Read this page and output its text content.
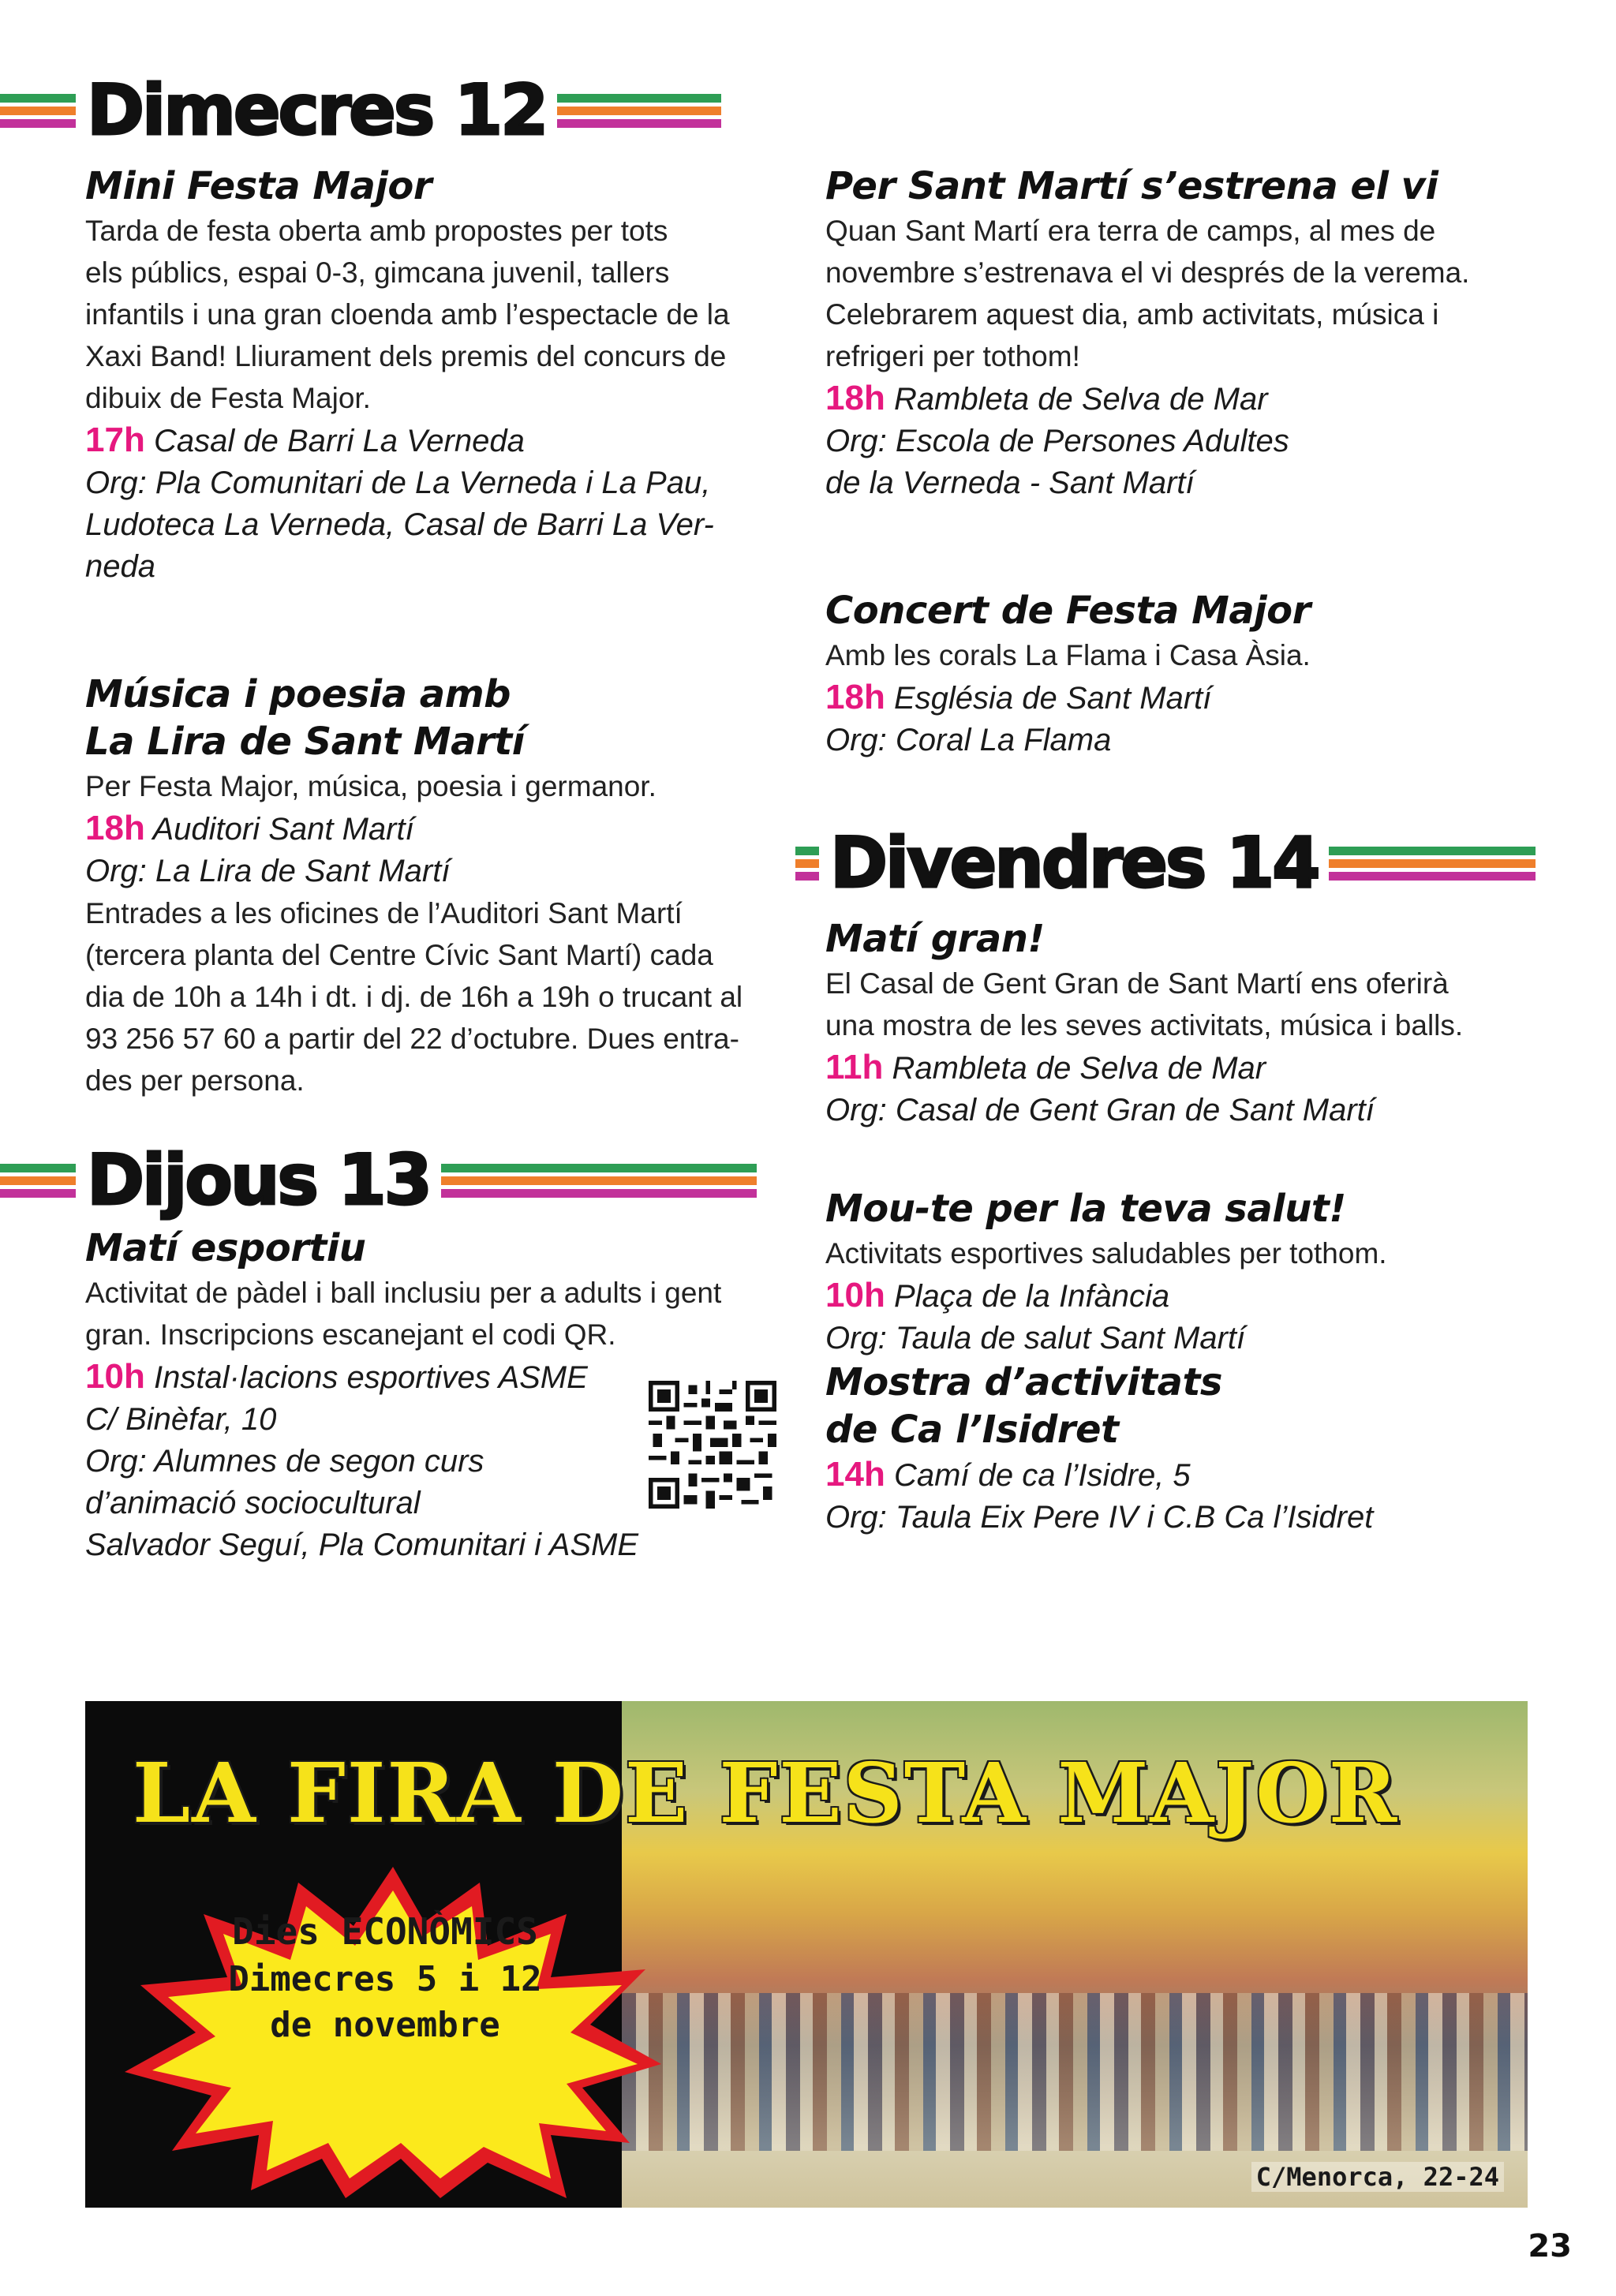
Dimecres 12

Mini Festa Major

Tarda de festa oberta amb propostes per tots

els públics, espai 0-3, gimcana juvenil, tallers

infantils i una gran cloenda amb l’espectacle de la

Xaxi Band! Lliurament dels premis del concurs de

dibuix de Festa Major.

17h Casal de Barri La Verneda

Org: Pla Comunitari de La Verneda i La Pau,

Ludoteca La Verneda, Casal de Barri La Ver-

neda

Música i poesia amb

La Lira de Sant Martí

Per Festa Major, música, poesia i germanor.

18h Auditori Sant Martí

Org: La Lira de Sant Martí

Entrades a les oficines de l’Auditori Sant Martí

(tercera planta del Centre Cívic Sant Martí) cada

dia de 10h a 14h i dt. i dj. de 16h a 19h o trucant al

93 256 57 60 a partir del 22 d’octubre. Dues entra-

des per persona.

Dijous 13

Matí esportiu

Activitat de pàdel i ball inclusiu per a adults i gent

gran. Inscripcions escanejant el codi QR.

10h Instal·lacions esportives ASME

C/ Binèfar, 10

Org: Alumnes de segon curs

d’animació sociocultural

Salvador Seguí, Pla Comunitari i ASME

Per Sant Martí s’estrena el vi

Quan Sant Martí era terra de camps, al mes de

novembre s’estrenava el vi després de la verema.

Celebrarem aquest dia, amb activitats, música i

refrigeri per tothom!

18h Rambleta de Selva de Mar

Org: Escola de Persones Adultes

de la Verneda - Sant Martí

Concert de Festa Major

Amb les corals La Flama i Casa Àsia.

18h Església de Sant Martí

Org: Coral La Flama

Divendres 14

Matí gran!

El Casal de Gent Gran de Sant Martí ens oferirà

una mostra de les seves activitats, música i balls.

11h Rambleta de Selva de Mar

Org: Casal de Gent Gran de Sant Martí

Mou-te per la teva salut!

Activitats esportives saludables per tothom.

10h Plaça de la Infància

Org: Taula de salut Sant Martí

Mostra d’activitats

de Ca l’Isidret

14h Camí de ca l’Isidre, 5

Org: Taula Eix Pere IV i C.B Ca l’Isidret

LA FIRA DE FESTA MAJOR
Dies ECONÒMICS
Dimecres 5 i 12
de novembre
C/Menorca, 22-24
23
